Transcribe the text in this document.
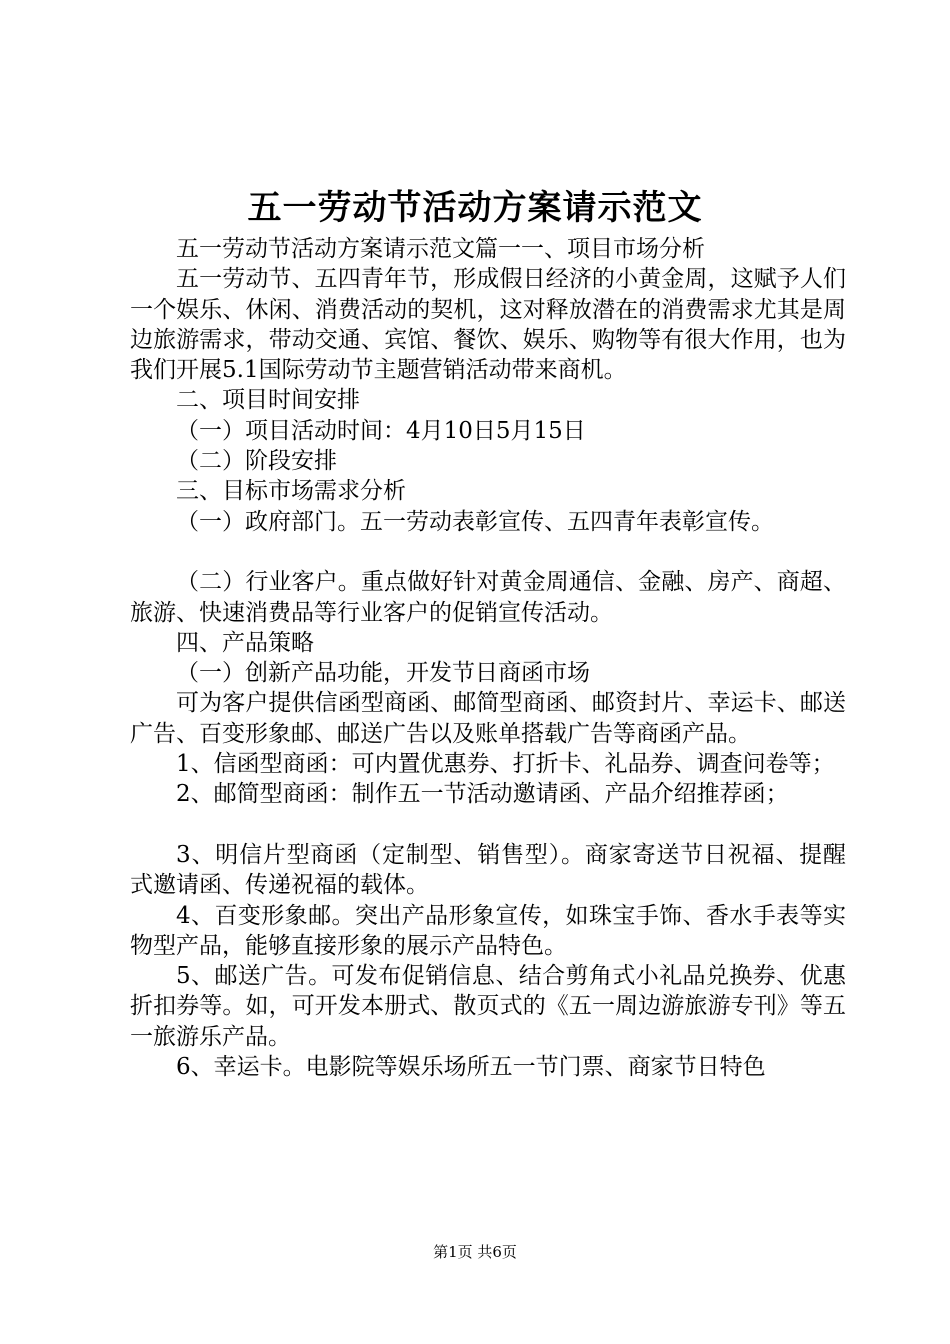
五一劳动节活动方案请示范文

五一劳动节活动方案请示范文篇一一、项目市场分析

五一劳动节、五四青年节，形成假日经济的小黄金周，这赋予人们一个娱乐、休闲、消费活动的契机，这对释放潜在的消费需求尤其是周边旅游需求，带动交通、宾馆、餐饮、娱乐、购物等有很大作用，也为我们开展5.1国际劳动节主题营销活动带来商机。

二、项目时间安排

（一）项目活动时间：4月10日5月15日

（二）阶段安排

三、目标市场需求分析

（一）政府部门。五一劳动表彰宣传、五四青年表彰宣传。

（二）行业客户。重点做好针对黄金周通信、金融、房产、商超、旅游、快速消费品等行业客户的促销宣传活动。

四、产品策略

（一）创新产品功能，开发节日商函市场

可为客户提供信函型商函、邮简型商函、邮资封片、幸运卡、邮送广告、百变形象邮、邮送广告以及账单搭载广告等商函产品。

1、信函型商函：可内置优惠券、打折卡、礼品券、调查问卷等；

2、邮简型商函：制作五一节活动邀请函、产品介绍推荐函；

3、明信片型商函（定制型、销售型）。商家寄送节日祝福、提醒式邀请函、传递祝福的载体。

4、百变形象邮。突出产品形象宣传，如珠宝手饰、香水手表等实物型产品，能够直接形象的展示产品特色。

5、邮送广告。可发布促销信息、结合剪角式小礼品兑换券、优惠折扣券等。如，可开发本册式、散页式的《五一周边游旅游专刊》等五一旅游乐产品。

6、幸运卡。电影院等娱乐场所五一节门票、商家节日特色

第1页 共6页
